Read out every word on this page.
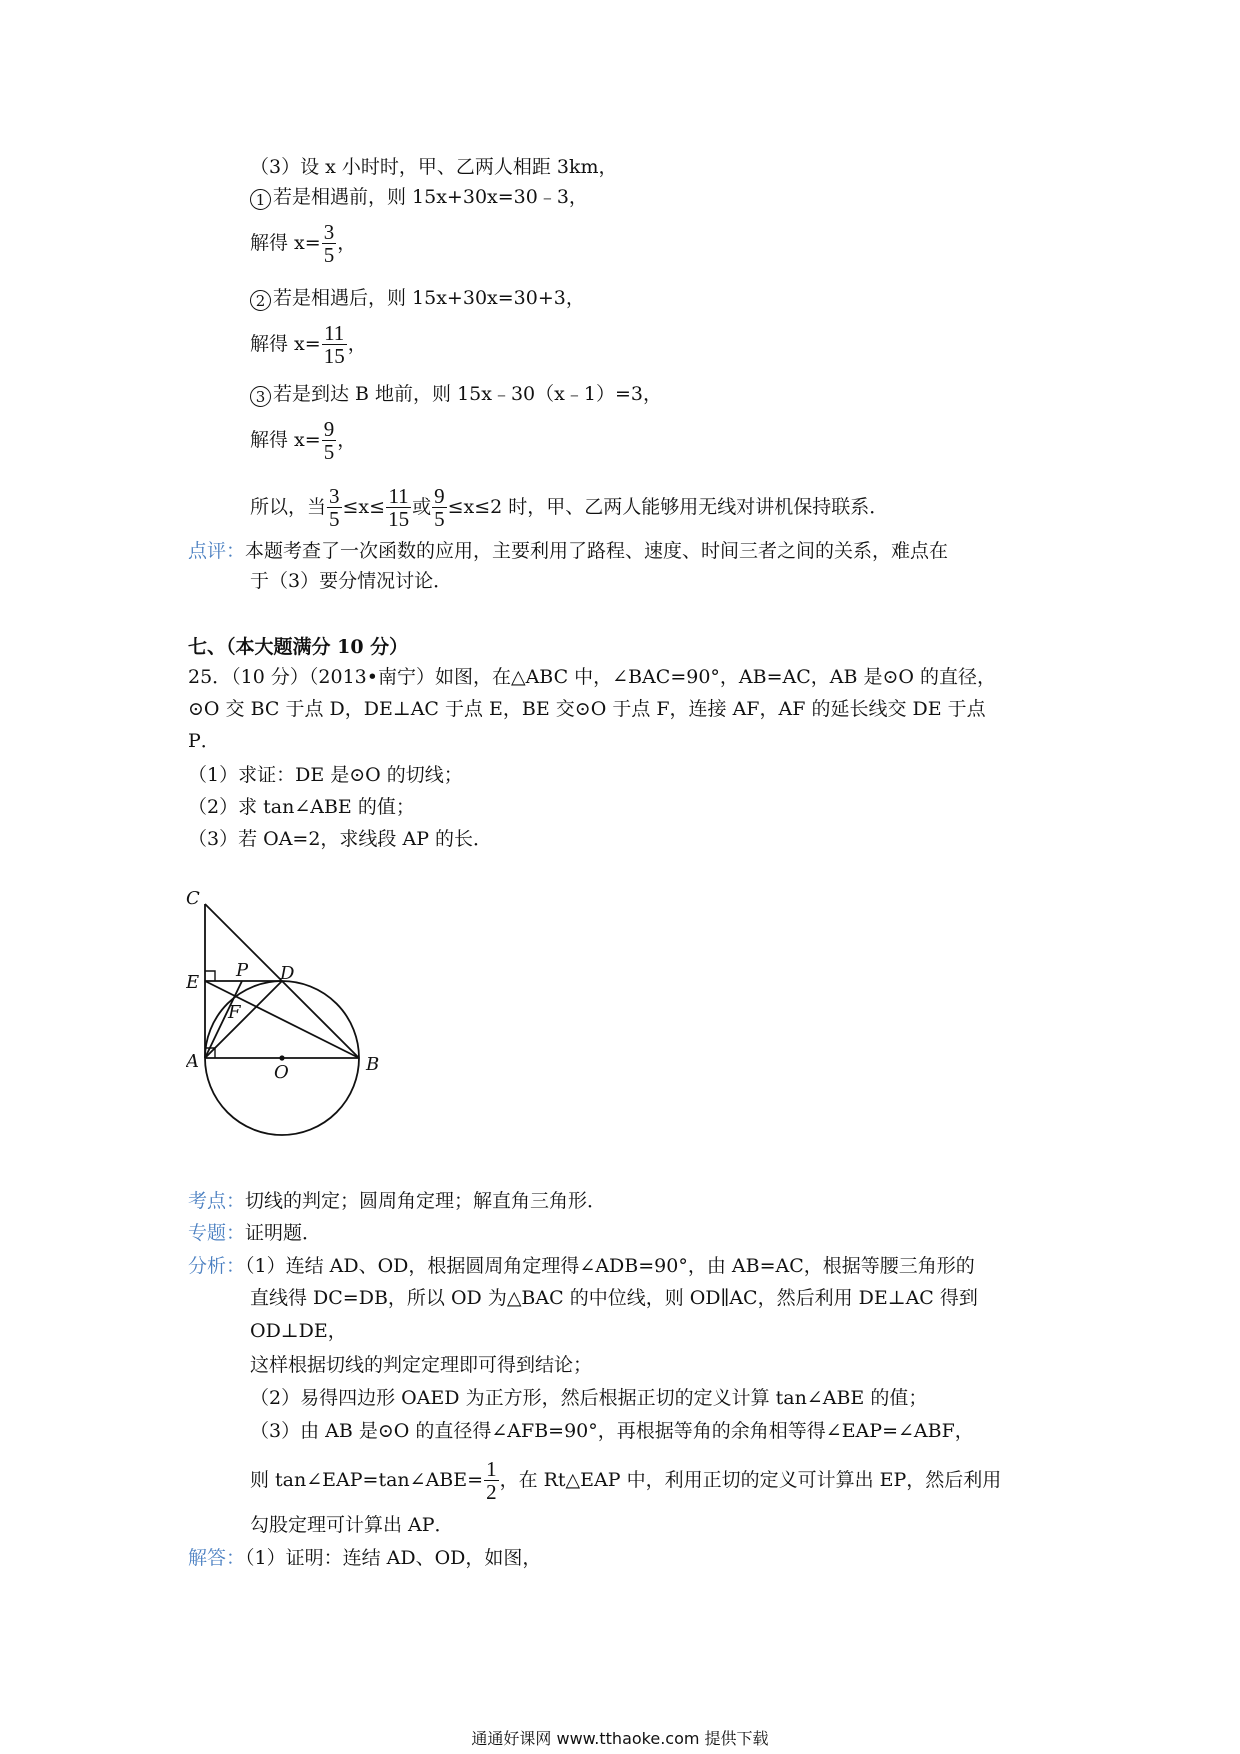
（3）设 x 小时时，甲、乙两人相距 3km，
1 若是相遇前，则 15x+30x=30﹣3，
解得 $x= \frac{3}{5}$ ，
2 若是相遇后，则 15x+30x=30+3，
解得 $x= \frac{11}{15}$ ，
3 若是到达 B 地前，则 15x﹣30（x﹣1）=3，
解得 $x= \frac{9}{5}$ ，
所以，当 $\frac{3}{5} \le x\le \frac{11}{15}$ 或 $\frac{9}{5} \le x\le 2$ 时，甲、乙两人能够用无线对讲机保持联系．
点评：本题考查了一次函数的应用，主要利用了路程、速度、时间三者之间的关系，难点在
于（3）要分情况讨论．
七、（本大题满分 10 分）
25．（10 分）（2013•南宁）如图，在△ABC 中，∠BAC=90°，AB=AC，AB 是⊙O 的直径，
⊙O 交 BC 于点 D，DE⊥AC 于点 E，BE 交⊙O 于点 F，连接 AF，AF 的延长线交 DE 于点
P．
（1）求证：DE 是⊙O 的切线；
（2）求 tan∠ABE 的值；
（3）若 OA=2，求线段 AP 的长．
C
E
P D
F
A
O	B
考点：切线的判定；圆周角定理；解直角三角形．
专题：证明题．
分析：（1）连结 AD、OD，根据圆周角定理得∠ADB=90°，由 AB=AC，根据等腰三角形的
直线得 DC=DB，所以 OD 为△BAC 的中位线，则 OD∥AC，然后利用 DE⊥AC 得到
OD⊥DE，
这样根据切线的判定定理即可得到结论；
（2）易得四边形 OAED 为正方形，然后根据正切的定义计算 tan∠ABE 的值；
（3）由 AB 是⊙O 的直径得∠AFB=90°，再根据等角的余角相等得∠EAP=∠ABF，
则 tan∠EAP=tan∠ABE= $\frac{1}{2}$ ，在 Rt△EAP 中，利用正切的定义可计算出 EP，然后利用
勾股定理可计算出 AP．
解答：（1）证明：连结 AD、OD，如图，
通通好课网 www.tthaoke.com 提供下载
